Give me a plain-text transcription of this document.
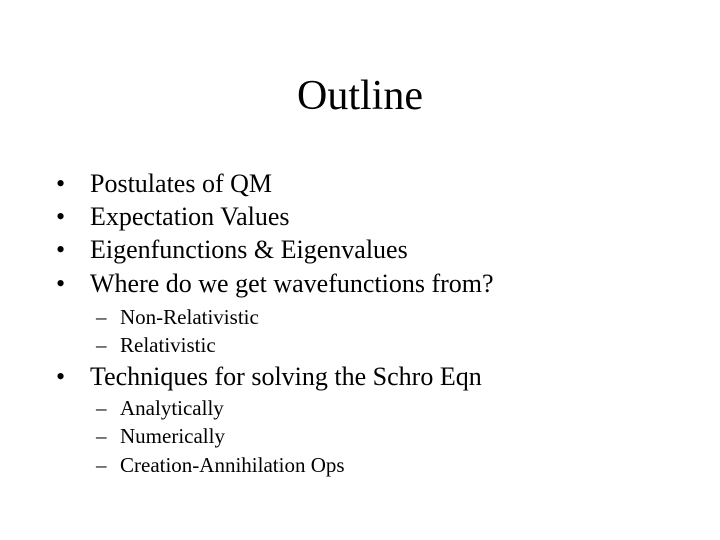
Outline
• Postulates of QM
• Expectation Values
• Eigenfunctions & Eigenvalues
• Where do we get wavefunctions from?
– Non-Relativistic
– Relativistic
• Techniques for solving the Schro Eqn
– Analytically
– Numerically
– Creation-Annihilation Ops
